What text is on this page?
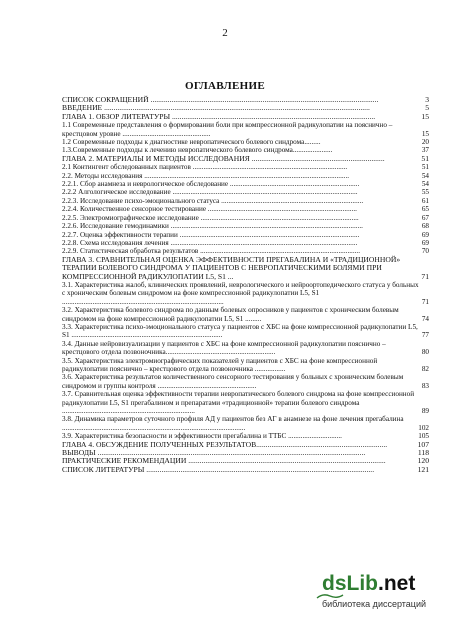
2
ОГЛАВЛЕНИЕ
СПИСОК СОКРАЩЕНИЙ ........................................................................................................................	3
ВВЕДЕНИЕ ............................................................................................................................................	5
ГЛАВА 1. ОБЗОР ЛИТЕРАТУРЫ ...........................................................................................................	15
1.1 Современные представления о формировании боли при компрессионной радикулопатии на пояснично – крестцовом уровне .................................................	15
1.2 Современные подходы к диагностике невропатического болевого синдрома.........	20
1.3.Современные подходы к лечению невропатического болевого синдрома......................	37
ГЛАВА 2. МАТЕРИАЛЫ И МЕТОДЫ ИССЛЕДОВАНИЯ ......................................................................	51
2.1 Контингент обследованных пациентов ......................................................................................	51
2.2. Методы исследования ..................................................................................................................	54
2.2.1. Сбор анамнеза и неврологическое обследование ........................................................................	54
2.2.2 Алгологическое исследование .......................................................................................................	55
2.2.3. Исследование психо-эмоционального статуса ...............................................................................	61
2.2.4. Количественное сенсорное тестирование ...................................................................................	65
2.2.5. Электромиографическое исследование ........................................................................................	67
2.2.6. Исследование гемодинамики ...........................................................................................................	68
2.2.7. Оценка эффективности терапии ....................................................................................................	69
2.2.8. Схема исследования лечения ........................................................................................................	69
2.2.9. Статистическая обработка результатов .........................................................................................	70
ГЛАВА 3. СРАВНИТЕЛЬНАЯ ОЦЕНКА ЭФФЕКТИВНОСТИ ПРЕГАБАЛИНА И «ТРАДИЦИОННОЙ» ТЕРАПИИ БОЛЕВОГО СИНДРОМА У ПАЦИЕНТОВ С НЕВРОПАТИЧЕСКИМИ БОЛЯМИ ПРИ КОМПРЕССИОННОЙ РАДИКУЛОПАТИИ L5, S1 ...	71
3.1. Характеристика жалоб, клинических проявлений, неврологического и нейроортопедического статуса у больных с хроническим болевым синдромом на фоне компрессионной радикулопатии L5, S1 ..........................................................................................	71
3.2. Характеристика болевого синдрома по данным болевых опросников у пациентов с хроническим болевым синдромом на фоне компрессионной радикулопатии L5, S1 .........	74
3.3. Характеристика психо-эмоционального статуса у пациентов с ХБС на фоне компрессионной радикулопатии L5, S1 ....................................................................................	77
3.4. Данные нейровизуализации у пациентов с ХБС на фоне компрессионной радикулопатии пояснично – крестцового отдела позвоночника.............................................................	80
3.5. Характеристика электромиографических показателей у пациентов с ХБС на фоне компрессионной радикулопатии пояснично – крестцового отдела позвоночника .................	82
3.6. Характеристика результатов количественного сенсорного тестирования у больных с хроническим болевым синдромом и группы контроля .......................................................	83
3.7. Сравнительная оценка эффективности терапии невропатического болевого синдрома на фоне компрессионной радикулопатии L5, S1 прегабалином и препаратами «традиционной» терапии болевого синдрома ..........................................................................	89
3.8. Динамика параметров суточного профиля АД у пациентов без АГ в анамнезе на фоне лечения прегабалина ......................................................................................................	102
3.9. Характеристика безопасности и эффективности прегабалина и ТТБС ..............................	105
ГЛАВА 4. ОБСУЖДЕНИЕ ПОЛУЧЕННЫХ РЕЗУЛЬТАТОВ.....................................................................	107
ВЫВОДЫ .............................................................................................................................................	118
ПРАКТИЧЕСКИЕ РЕКОМЕНДАЦИИ ........................................................................................................	120
СПИСОК ЛИТЕРАТУРЫ ........................................................................................................................	121
dsLib.net
библиотека диссертаций
